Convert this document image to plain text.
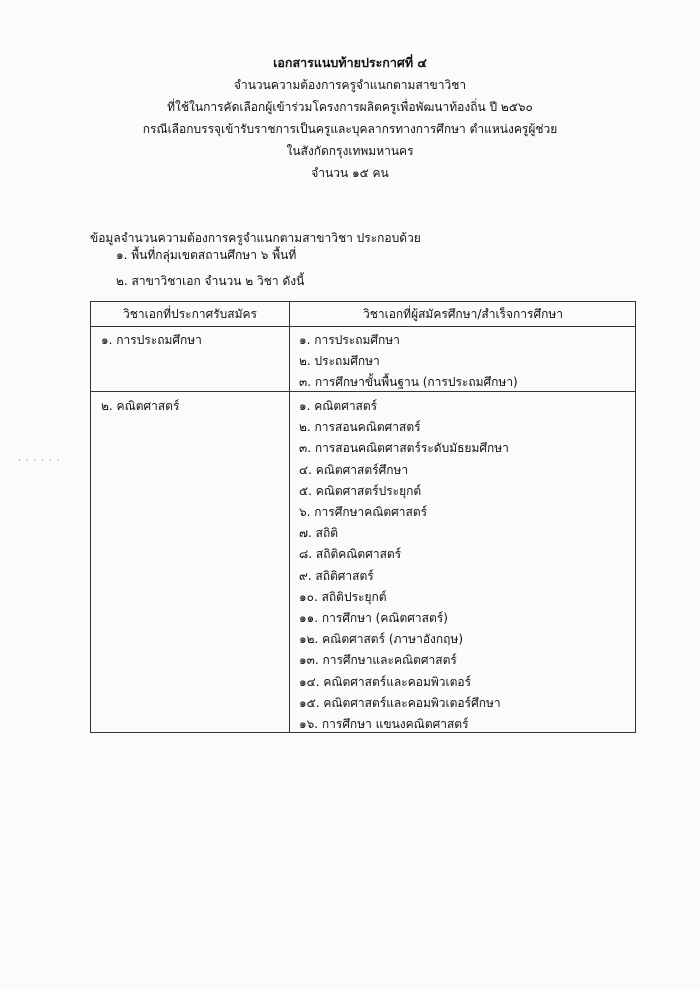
เอกสารแนบท้ายประกาศที่ ๔
จำนวนความต้องการครูจำแนกตามสาขาวิชา
ที่ใช้ในการคัดเลือกผู้เข้าร่วมโครงการผลิตครูเพื่อพัฒนาท้องถิ่น ปี ๒๕๖๐
กรณีเลือกบรรจุเข้ารับราชการเป็นครูและบุคลากรทางการศึกษา ตำแหน่งครูผู้ช่วย
ในสังกัดกรุงเทพมหานคร
จำนวน ๑๕ คน
ข้อมูลจำนวนความต้องการครูจำแนกตามสาขาวิชา ประกอบด้วย
๑. พื้นที่กลุ่มเขตสถานศึกษา ๖ พื้นที่
๒. สาขาวิชาเอก จำนวน ๒ วิชา ดังนี้
วิชาเอกที่ประกาศรับสมัคร	วิชาเอกที่ผู้สมัครศึกษา/สำเร็จการศึกษา
๑. การประถมศึกษา	๑. การประถมศึกษา
๒. ประถมศึกษา
๓. การศึกษาขั้นพื้นฐาน (การประถมศึกษา)
๒. คณิตศาสตร์	๑. คณิตศาสตร์
๒. การสอนคณิตศาสตร์
๓. การสอนคณิตศาสตร์ระดับมัธยมศึกษา
๔. คณิตศาสตร์ศึกษา
๕. คณิตศาสตร์ประยุกต์
๖. การศึกษาคณิตศาสตร์
๗. สถิติ
๘. สถิติคณิตศาสตร์
๙. สถิติศาสตร์
๑๐. สถิติประยุกต์
๑๑. การศึกษา (คณิตศาสตร์)
๑๒. คณิตศาสตร์ (ภาษาอังกฤษ)
๑๓. การศึกษาและคณิตศาสตร์
๑๔. คณิตศาสตร์และคอมพิวเตอร์
๑๕. คณิตศาสตร์และคอมพิวเตอร์ศึกษา
๑๖. การศึกษา แขนงคณิตศาสตร์
· · · · · ·
